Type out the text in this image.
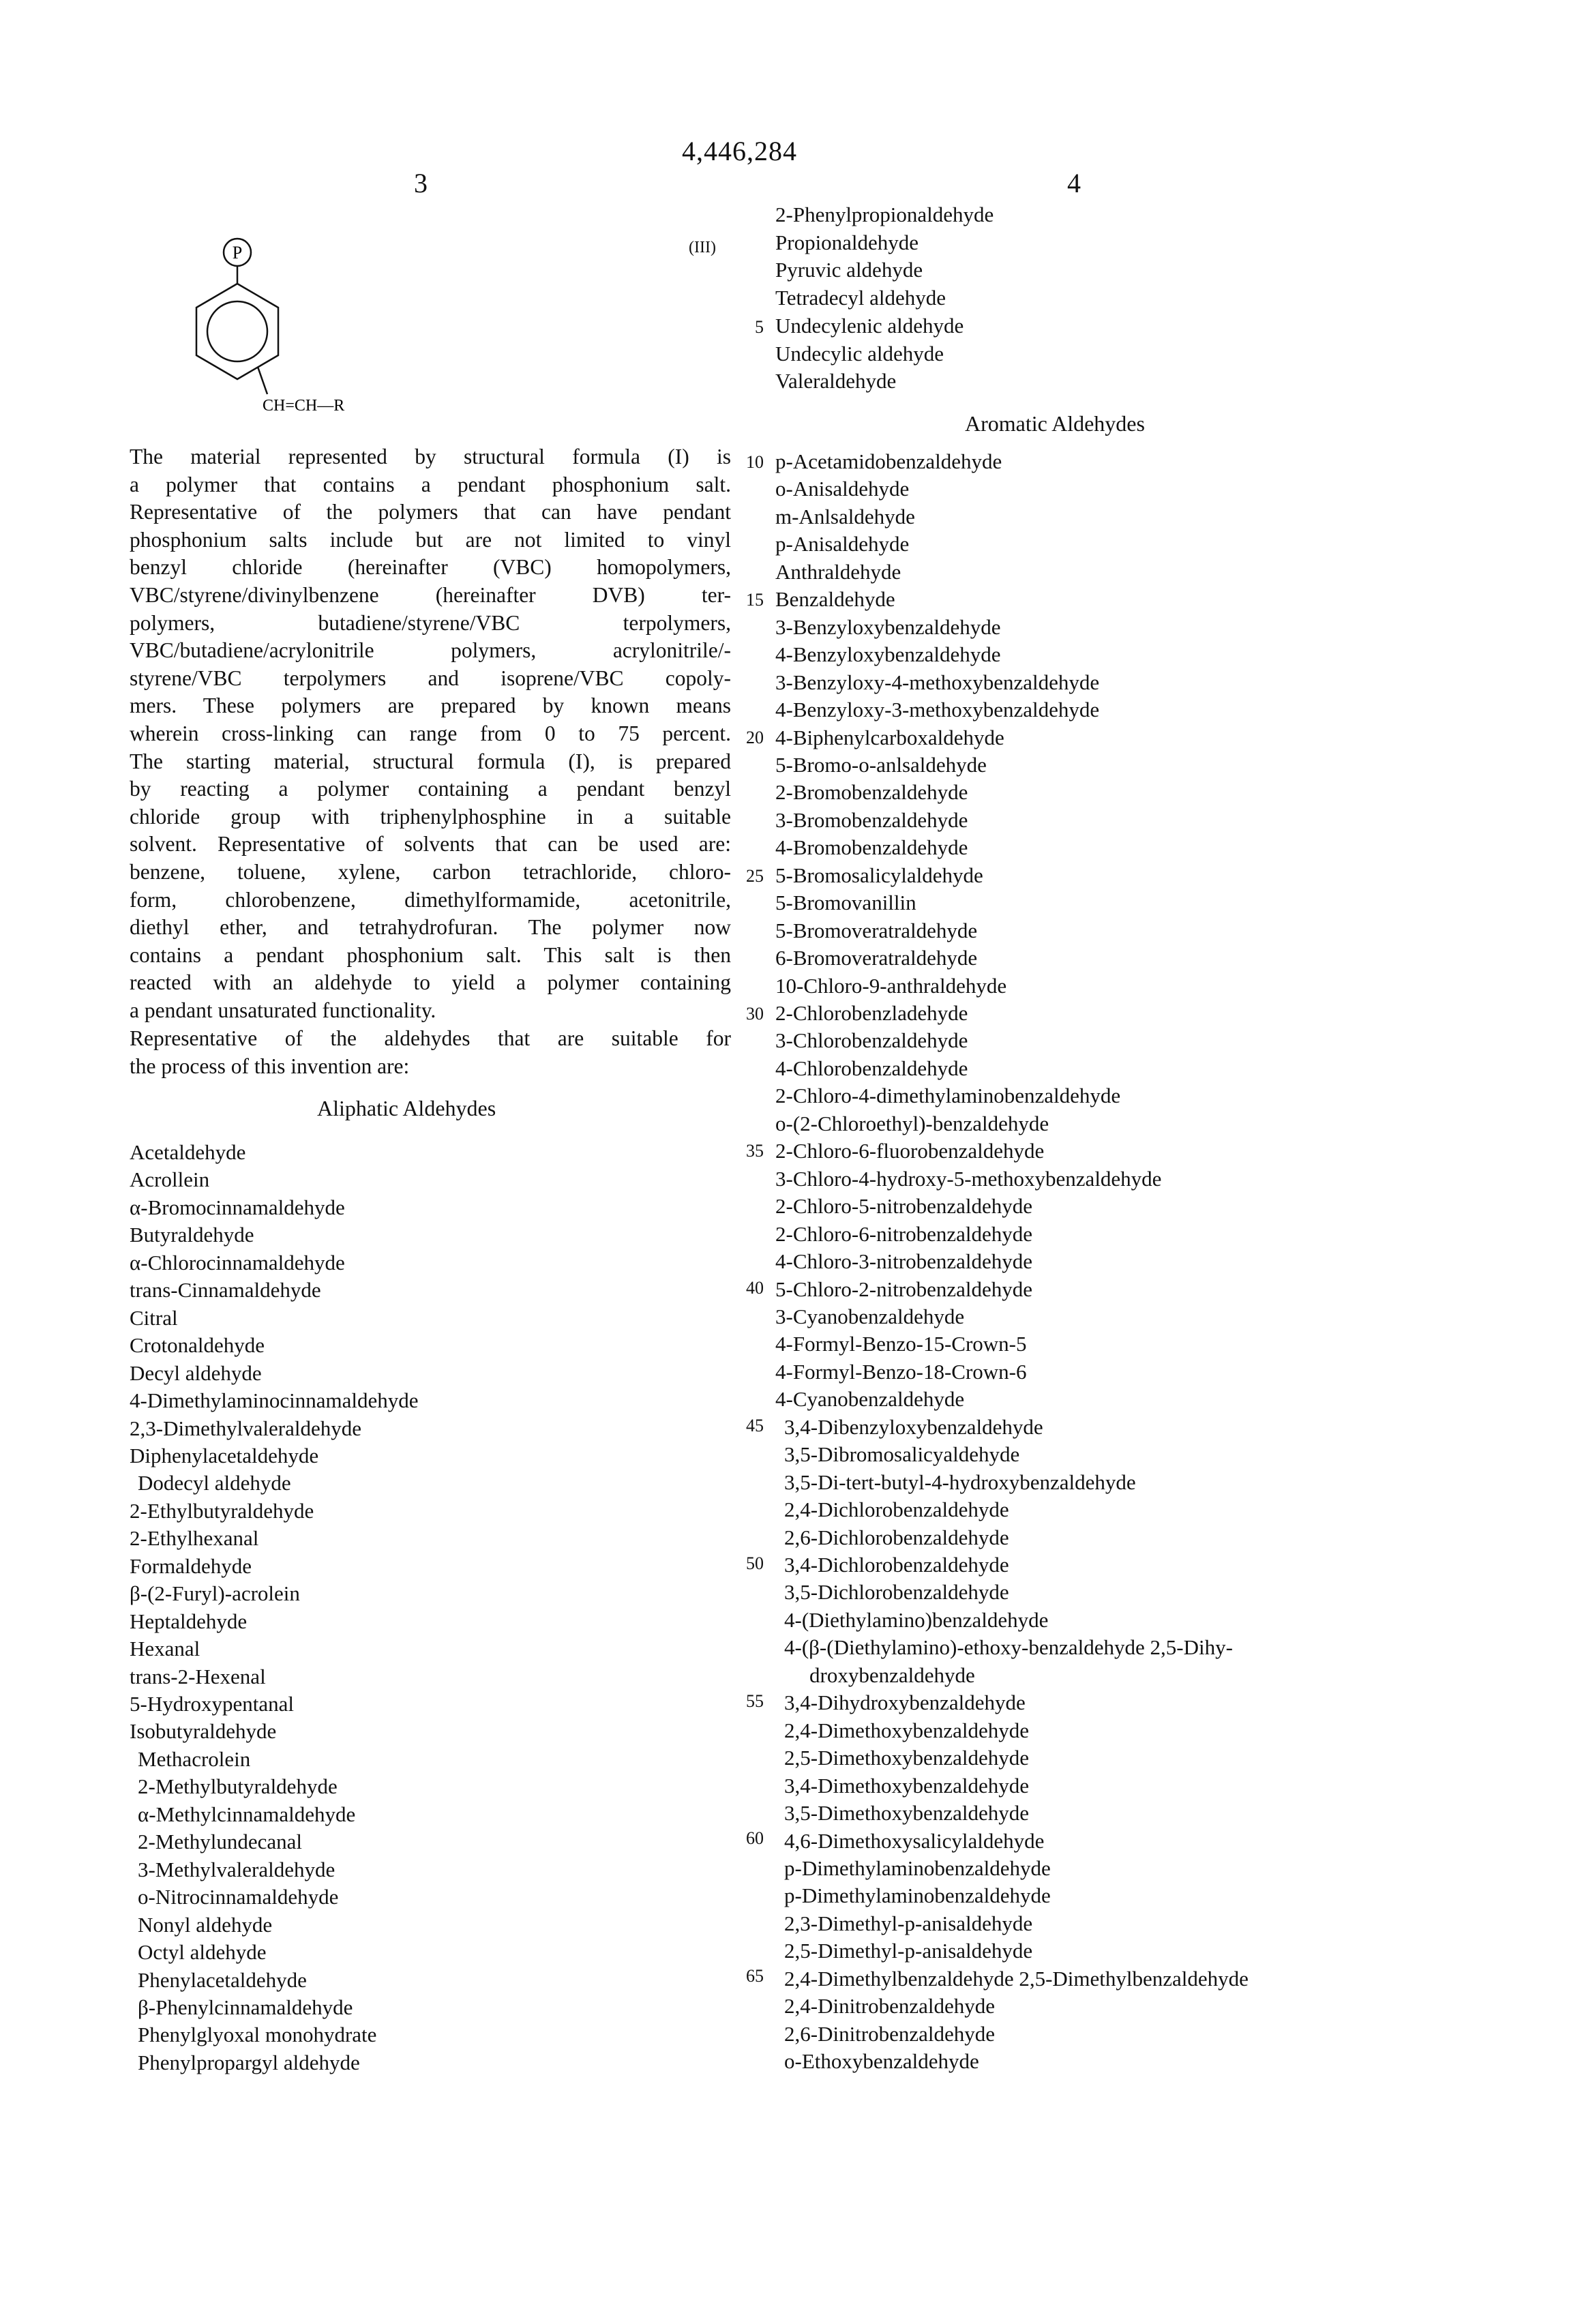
4,446,284
3	4
P
CH=CH—R
(III)
The material represented by structural formula (I) is
a polymer that contains a pendant phosphonium salt.
Representative of the polymers that can have pendant
phosphonium salts include but are not limited to vinyl
benzyl chloride (hereinafter (VBC) homopolymers,
VBC/styrene/divinylbenzene (hereinafter DVB) ter-
polymers, butadiene/styrene/VBC terpolymers,
VBC/butadiene/acrylonitrile polymers, acrylonitrile/-
styrene/VBC terpolymers and isoprene/VBC copoly-
mers. These polymers are prepared by known means
wherein cross-linking can range from 0 to 75 percent.
The starting material, structural formula (I), is prepared
by reacting a polymer containing a pendant benzyl
chloride group with triphenylphosphine in a suitable
solvent. Representative of solvents that can be used are:
benzene, toluene, xylene, carbon tetrachloride, chloro-
form, chlorobenzene, dimethylformamide, acetonitrile,
diethyl ether, and tetrahydrofuran. The polymer now
contains a pendant phosphonium salt. This salt is then
reacted with an aldehyde to yield a polymer containing
a pendant unsaturated functionality.
Representative of the aldehydes that are suitable for
the process of this invention are:
Aliphatic Aldehydes
Acetaldehyde
Acrollein
α-Bromocinnamaldehyde
Butyraldehyde
α-Chlorocinnamaldehyde
trans-Cinnamaldehyde
Citral
Crotonaldehyde
Decyl aldehyde
4-Dimethylaminocinnamaldehyde
2,3-Dimethylvaleraldehyde
Diphenylacetaldehyde
Dodecyl aldehyde
2-Ethylbutyraldehyde
2-Ethylhexanal
Formaldehyde
β-(2-Furyl)-acrolein
Heptaldehyde
Hexanal
trans-2-Hexenal
5-Hydroxypentanal
Isobutyraldehyde
Methacrolein
2-Methylbutyraldehyde
α-Methylcinnamaldehyde
2-Methylundecanal
3-Methylvaleraldehyde
o-Nitrocinnamaldehyde
Nonyl aldehyde
Octyl aldehyde
Phenylacetaldehyde
β-Phenylcinnamaldehyde
Phenylglyoxal monohydrate
Phenylpropargyl aldehyde
2-Phenylpropionaldehyde
Propionaldehyde
Pyruvic aldehyde
Tetradecyl aldehyde
Undecylenic aldehyde
Undecylic aldehyde
Valeraldehyde
Aromatic Aldehydes
p-Acetamidobenzaldehyde
o-Anisaldehyde
m-Anlsaldehyde
p-Anisaldehyde
Anthraldehyde
Benzaldehyde
3-Benzyloxybenzaldehyde
4-Benzyloxybenzaldehyde
3-Benzyloxy-4-methoxybenzaldehyde
4-Benzyloxy-3-methoxybenzaldehyde
4-Biphenylcarboxaldehyde
5-Bromo-o-anlsaldehyde
2-Bromobenzaldehyde
3-Bromobenzaldehyde
4-Bromobenzaldehyde
5-Bromosalicylaldehyde
5-Bromovanillin
5-Bromoveratraldehyde
6-Bromoveratraldehyde
10-Chloro-9-anthraldehyde
2-Chlorobenzladehyde
3-Chlorobenzaldehyde
4-Chlorobenzaldehyde
2-Chloro-4-dimethylaminobenzaldehyde
o-(2-Chloroethyl)-benzaldehyde
2-Chloro-6-fluorobenzaldehyde
3-Chloro-4-hydroxy-5-methoxybenzaldehyde
2-Chloro-5-nitrobenzaldehyde
2-Chloro-6-nitrobenzaldehyde
4-Chloro-3-nitrobenzaldehyde
5-Chloro-2-nitrobenzaldehyde
3-Cyanobenzaldehyde
4-Formyl-Benzo-15-Crown-5
4-Formyl-Benzo-18-Crown-6
4-Cyanobenzaldehyde
3,4-Dibenzyloxybenzaldehyde
3,5-Dibromosalicyaldehyde
3,5-Di-tert-butyl-4-hydroxybenzaldehyde
2,4-Dichlorobenzaldehyde
2,6-Dichlorobenzaldehyde
3,4-Dichlorobenzaldehyde
3,5-Dichlorobenzaldehyde
4-(Diethylamino)benzaldehyde
4-(β-(Diethylamino)-ethoxy-benzaldehyde 2,5-Dihy-
droxybenzaldehyde
3,4-Dihydroxybenzaldehyde
2,4-Dimethoxybenzaldehyde
2,5-Dimethoxybenzaldehyde
3,4-Dimethoxybenzaldehyde
3,5-Dimethoxybenzaldehyde
4,6-Dimethoxysalicylaldehyde
p-Dimethylaminobenzaldehyde
p-Dimethylaminobenzaldehyde
2,3-Dimethyl-p-anisaldehyde
2,5-Dimethyl-p-anisaldehyde
2,4-Dimethylbenzaldehyde 2,5-Dimethylbenzaldehyde
2,4-Dinitrobenzaldehyde
2,6-Dinitrobenzaldehyde
o-Ethoxybenzaldehyde
5
10
15
20
25
30
35
40
45
50
55
60
65
